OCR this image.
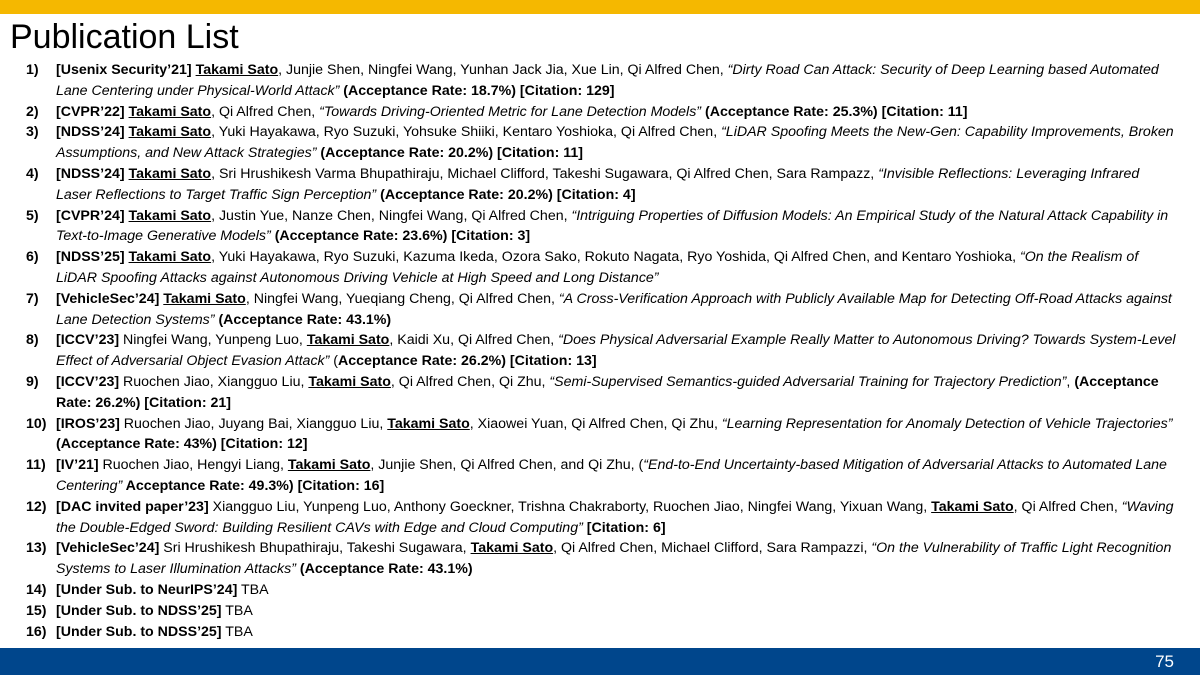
Publication List
1) [Usenix Security’21] Takami Sato, Junjie Shen, Ningfei Wang, Yunhan Jack Jia, Xue Lin, Qi Alfred Chen, “Dirty Road Can Attack: Security of Deep Learning based Automated Lane Centering under Physical-World Attack” (Acceptance Rate: 18.7%) [Citation: 129]
2) [CVPR’22] Takami Sato, Qi Alfred Chen, “Towards Driving-Oriented Metric for Lane Detection Models” (Acceptance Rate: 25.3%) [Citation: 11]
3) [NDSS’24] Takami Sato, Yuki Hayakawa, Ryo Suzuki, Yohsuke Shiiki, Kentaro Yoshioka, Qi Alfred Chen, “LiDAR Spoofing Meets the New-Gen: Capability Improvements, Broken Assumptions, and New Attack Strategies” (Acceptance Rate: 20.2%) [Citation: 11]
4) [NDSS’24] Takami Sato, Sri Hrushikesh Varma Bhupathiraju, Michael Clifford, Takeshi Sugawara, Qi Alfred Chen, Sara Rampazz, “Invisible Reflections: Leveraging Infrared Laser Reflections to Target Traffic Sign Perception” (Acceptance Rate: 20.2%) [Citation: 4]
5) [CVPR’24] Takami Sato, Justin Yue, Nanze Chen, Ningfei Wang, Qi Alfred Chen, “Intriguing Properties of Diffusion Models: An Empirical Study of the Natural Attack Capability in Text-to-Image Generative Models” (Acceptance Rate: 23.6%) [Citation: 3]
6) [NDSS’25] Takami Sato, Yuki Hayakawa, Ryo Suzuki, Kazuma Ikeda, Ozora Sako, Rokuto Nagata, Ryo Yoshida, Qi Alfred Chen, and Kentaro Yoshioka, “On the Realism of LiDAR Spoofing Attacks against Autonomous Driving Vehicle at High Speed and Long Distance”
7) [VehicleSec’24] Takami Sato, Ningfei Wang, Yueqiang Cheng, Qi Alfred Chen, “A Cross-Verification Approach with Publicly Available Map for Detecting Off-Road Attacks against Lane Detection Systems” (Acceptance Rate: 43.1%)
8) [ICCV’23] Ningfei Wang, Yunpeng Luo, Takami Sato, Kaidi Xu, Qi Alfred Chen, “Does Physical Adversarial Example Really Matter to Autonomous Driving? Towards System-Level Effect of Adversarial Object Evasion Attack” (Acceptance Rate: 26.2%) [Citation: 13]
9) [ICCV’23] Ruochen Jiao, Xiangguo Liu, Takami Sato, Qi Alfred Chen, Qi Zhu, “Semi-Supervised Semantics-guided Adversarial Training for Trajectory Prediction”, (Acceptance Rate: 26.2%) [Citation: 21]
10) [IROS’23] Ruochen Jiao, Juyang Bai, Xiangguo Liu, Takami Sato, Xiaowei Yuan, Qi Alfred Chen, Qi Zhu, “Learning Representation for Anomaly Detection of Vehicle Trajectories” (Acceptance Rate: 43%) [Citation: 12]
11) [IV’21] Ruochen Jiao, Hengyi Liang, Takami Sato, Junjie Shen, Qi Alfred Chen, and Qi Zhu, (“End-to-End Uncertainty-based Mitigation of Adversarial Attacks to Automated Lane Centering” Acceptance Rate: 49.3%) [Citation: 16]
12) [DAC invited paper’23] Xiangguo Liu, Yunpeng Luo, Anthony Goeckner, Trishna Chakraborty, Ruochen Jiao, Ningfei Wang, Yixuan Wang, Takami Sato, Qi Alfred Chen, “Waving the Double-Edged Sword: Building Resilient CAVs with Edge and Cloud Computing” [Citation: 6]
13) [VehicleSec’24] Sri Hrushikesh Bhupathiraju, Takeshi Sugawara, Takami Sato, Qi Alfred Chen, Michael Clifford, Sara Rampazzi, “On the Vulnerability of Traffic Light Recognition Systems to Laser Illumination Attacks” (Acceptance Rate: 43.1%)
14) [Under Sub. to NeurIPS’24] TBA
15) [Under Sub. to NDSS’25] TBA
16) [Under Sub. to NDSS’25] TBA
75
